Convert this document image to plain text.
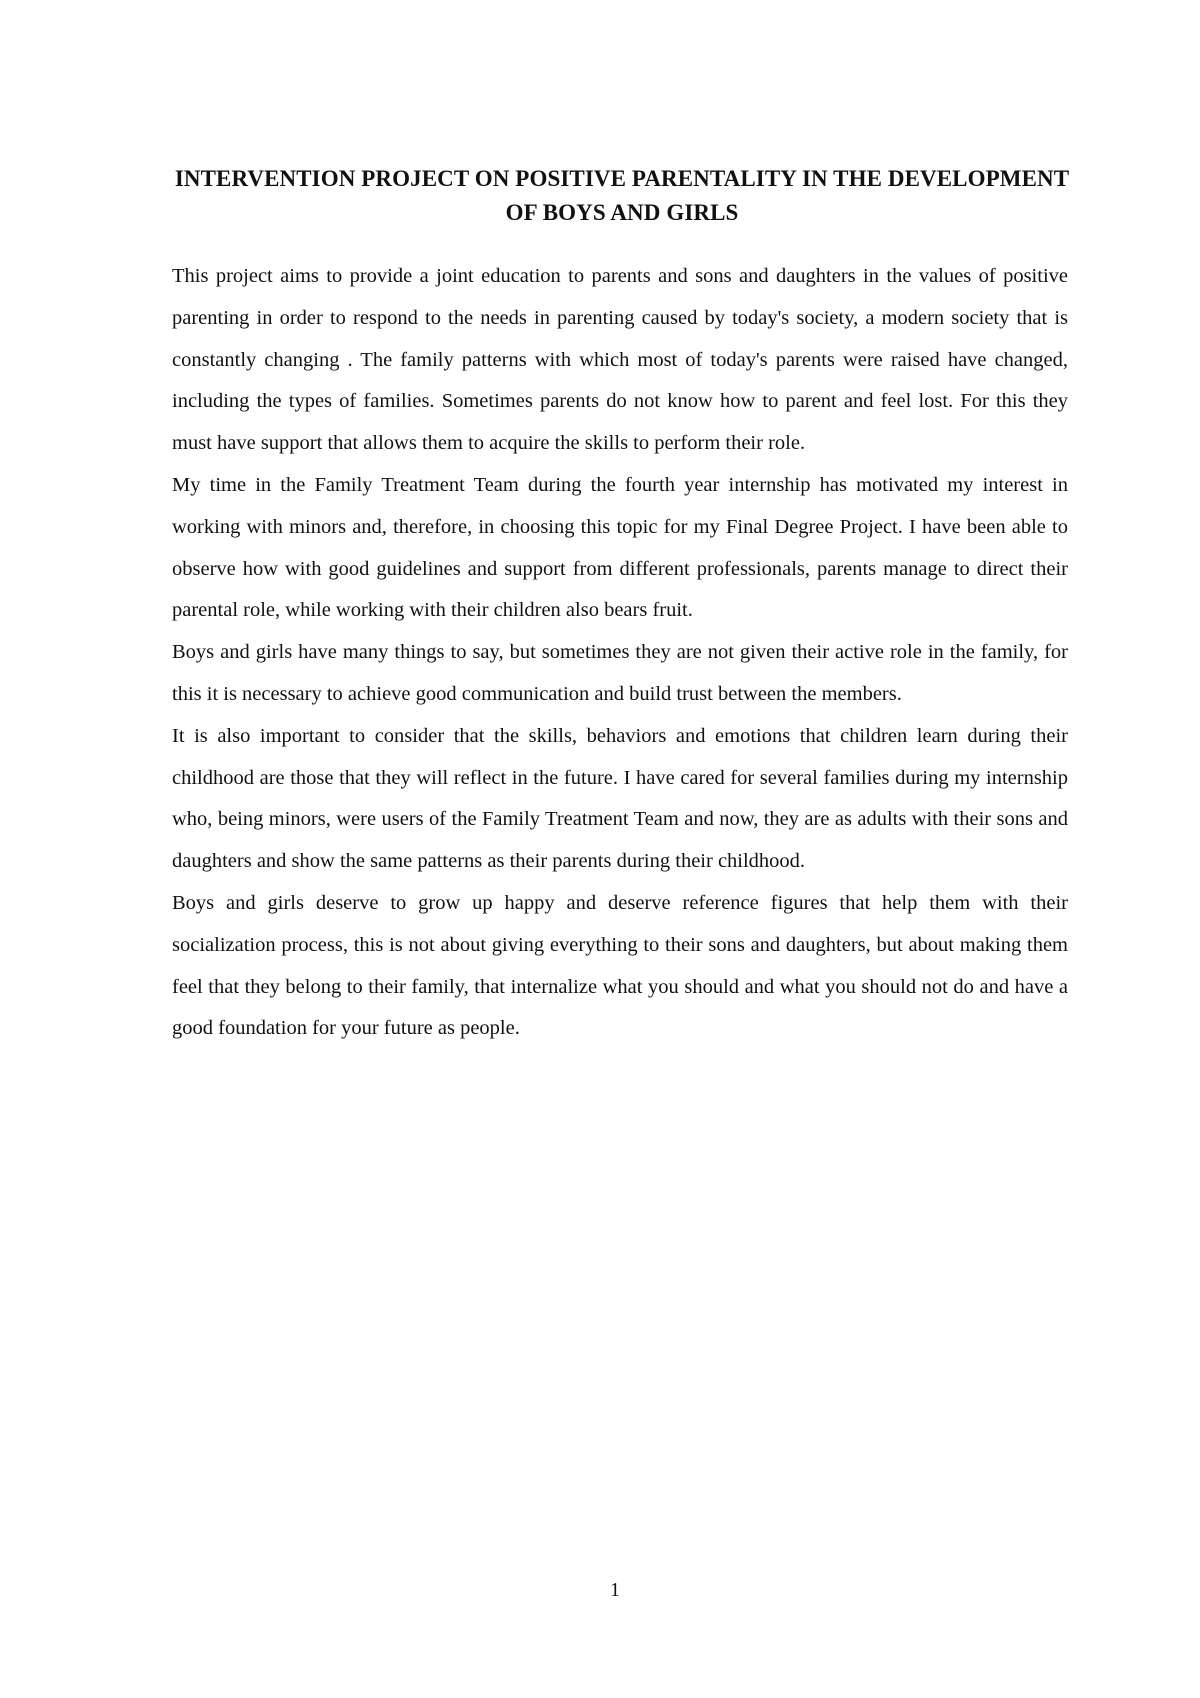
INTERVENTION PROJECT ON POSITIVE PARENTALITY IN THE DEVELOPMENT OF BOYS AND GIRLS

This project aims to provide a joint education to parents and sons and daughters in the values of positive parenting in order to respond to the needs in parenting caused by today's society, a modern society that is constantly changing . The family patterns with which most of today's parents were raised have changed, including the types of families. Sometimes parents do not know how to parent and feel lost. For this they must have support that allows them to acquire the skills to perform their role.

My time in the Family Treatment Team during the fourth year internship has motivated my interest in working with minors and, therefore, in choosing this topic for my Final Degree Project. I have been able to observe how with good guidelines and support from different professionals, parents manage to direct their parental role, while working with their children also bears fruit.

Boys and girls have many things to say, but sometimes they are not given their active role in the family, for this it is necessary to achieve good communication and build trust between the members.

It is also important to consider that the skills, behaviors and emotions that children learn during their childhood are those that they will reflect in the future. I have cared for several families during my internship who, being minors, were users of the Family Treatment Team and now, they are as adults with their sons and daughters and show the same patterns as their parents during their childhood.

Boys and girls deserve to grow up happy and deserve reference figures that help them with their socialization process, this is not about giving everything to their sons and daughters, but about making them feel that they belong to their family, that internalize what you should and what you should not do and have a good foundation for your future as people.

1
